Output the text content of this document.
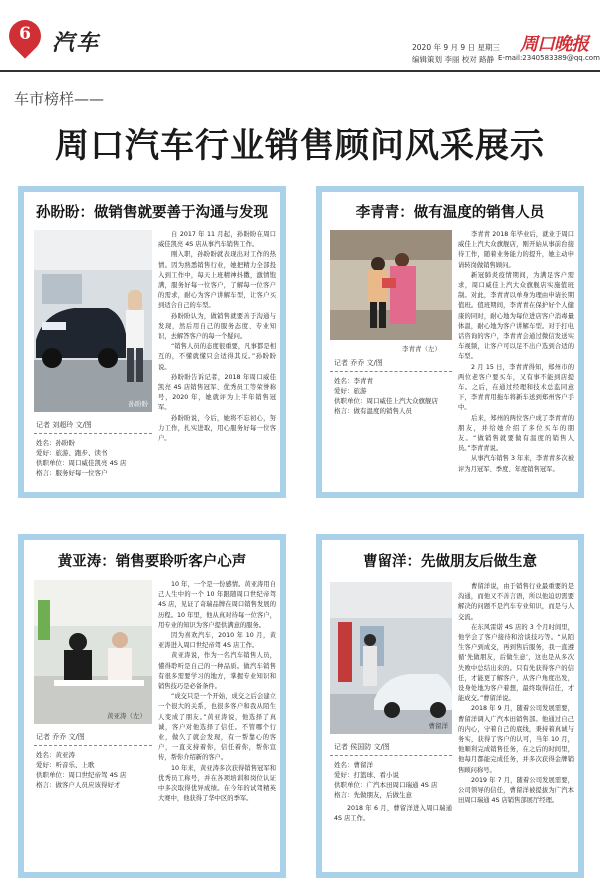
6 汽车	2020 年 9 月 9 日 星期三
编辑策划 李丽 校对 路静
周口晚报
E-mail:2340583389@qq.com
车市榜样——
周口汽车行业销售顾问风采展示
孙盼盼：做销售就要善于沟通与发现
孙盼盼
记者 刘超玲 文/图
姓名：孙盼盼
爱好：旅游、跑步、读书
供职单位：周口威佳凯亮 4S 店
格言：服务好每一位客户

自 2017 年 11 月起，孙盼盼在周口威佳凯亮 4S 店从事汽车销售工作。

刚入职，孙盼盼就表现出对工作的热情。因为熟悉销售行业，她把精力全部投入到工作中，每天上班精神抖擞，激情饱满，服务好每一位客户，了解每一位客户的需求，耐心为客户讲解车型，让客户买到适合自己的车型。

孙盼盼认为，做销售就要善于沟通与发现，然后用自己的服务态度、专业知识，去解答客户的每一个疑问。

“销售人员的态度很重要，凡事都是相互的，不懂就懂只会适得其反。”孙盼盼说。

孙盼盼告诉记者，2018 年周口威佳凯亮 4S 店销售冠军、优秀员工等荣誉称号，2020 年，她就评为上半年销售冠军。

孙盼盼说，今后，她将不忘初心，努力工作，扎实进取，用心服务好每一位客户。

李青青：做有温度的销售人员
李青青（左）
记者 乔乔 文/图
姓名：李青青
爱好：旅游
供职单位：周口威佳上汽大众旗舰店
格言：做有温度的销售人员

李青青 2018 年毕业后，就业于周口威佳上汽大众旗舰店，刚开始从事前台接待工作，随着业务能力的提升，她主动申请转岗做销售顾问。

新冠肺炎疫情期间，为满足客户需求，周口威佳上汽大众旗舰店实施值班制。对此，李青青以单身为理由申请长期值班。值班期间，李青青在保护好个人健康的同时，耐心地为每位进店客户消毒量体温，耐心地为客户讲解车型。对于打电话咨询的客户，李青青会通过微信发送实车视频，让客户可以足不出户选到合适的车型。

2 月 15 日，李青青得知，郑州市的两位老客户要买车，又有事不能到店提车。之后，在通过经理和技术总监同意下，李青青用拖车将新车送到郑州客户手中。

后来，郑州的两位客户成了李青青的朋友，并给她介绍了多位买车的朋友。“做销售就要做有温度的销售人员。”李青青说。

从事汽车销售 3 年来，李青青多次被评为月冠军、季度、年度销售冠军。

黄亚涛：销售要聆听客户心声
黄亚涛（左）
记者 乔乔 文/图
姓名：黄亚涛
爱好：听音乐、上歌
供职单位：周口世纪帝驾 4S 店
格言：做客户人员应该得好才

10 年，一个是一份感情。黄亚涛用自己人生中的一个 10 年跟随周口世纪帝驾 4S 店，见证了奇瑞品牌在周口销售发展的历程。10 年里，他从真对待每一位客户，用专业的知识为客户提供满意的服务。

因为喜欢汽车，2010 年 10 月，黄亚涛进入周口世纪帝驾 4S 店工作。

黄亚涛说，作为一名汽车销售人员，懂得聆听是自己的一种品质。做汽车销售有很多需要学习的地方，掌握专业知识和销售技巧是必备条件。

“成交只是一个开始，成交之后会建立一个很大的关系，也很多客户和我从陌生人变成了朋友。”黄亚涛说，他选择了真诚，客户对他选择了信任。不管哪个行业，做久了就会发现，有一帮靠心的客户，一直支持着你，信任着你，帮你宣传，帮你介绍新的客户。

10 年来，黄亚涛多次获得销售冠军和优秀员工称号，并在各项培训和岗位认证中多次取得优异成绩。在今年的试驾精英大赛中，他获得了华中区的季军。

曹留洋：先做朋友后做生意
曹留洋
记者 侯国防 文/图
姓名：曹留洋
爱好：打篮球、看小说
供职单位：广汽本田周口瑞通 4S 店
格言：先做朋友，后做生意

2018 年 6 月，曹留洋进入周口瑞通4S 店工作。

曹留洋说，由于销售行业最重要的是沟通，而他又不善言语，所以他迫切需要解决的问题不是汽车专业知识，而是与人交流。

在东风雷诺 4S 店的 3 个月时间里，他学会了客户接待和洽谈技巧等。“从陌生客户到成交，再到售后服务，我一直遵循‘先做朋友，后做生意’，这也是从多次失败中总结出来的。只有先获得客户的信任，才能更了解客户，从客户角度出发，设身处地为客户着想，最终取得信任，才能成交。”曹留洋说。

2018 年 9 月，随着公司发展需要，曹留洋调入广汽本田销售部。他通过自己的内心，守着自己的底线，秉持着真诚与务实，获得了客户的认可，当年 10 月，他顺利完成销售任务，在之后的时间里，他每月都能完成任务，并多次获得金牌销售顾问称号。

2019 年 7 月，随着公司发展需要，公司领导的信任，曹留洋被提拔为广汽本田周口瑞通 4S 店销售部展厅经理。
